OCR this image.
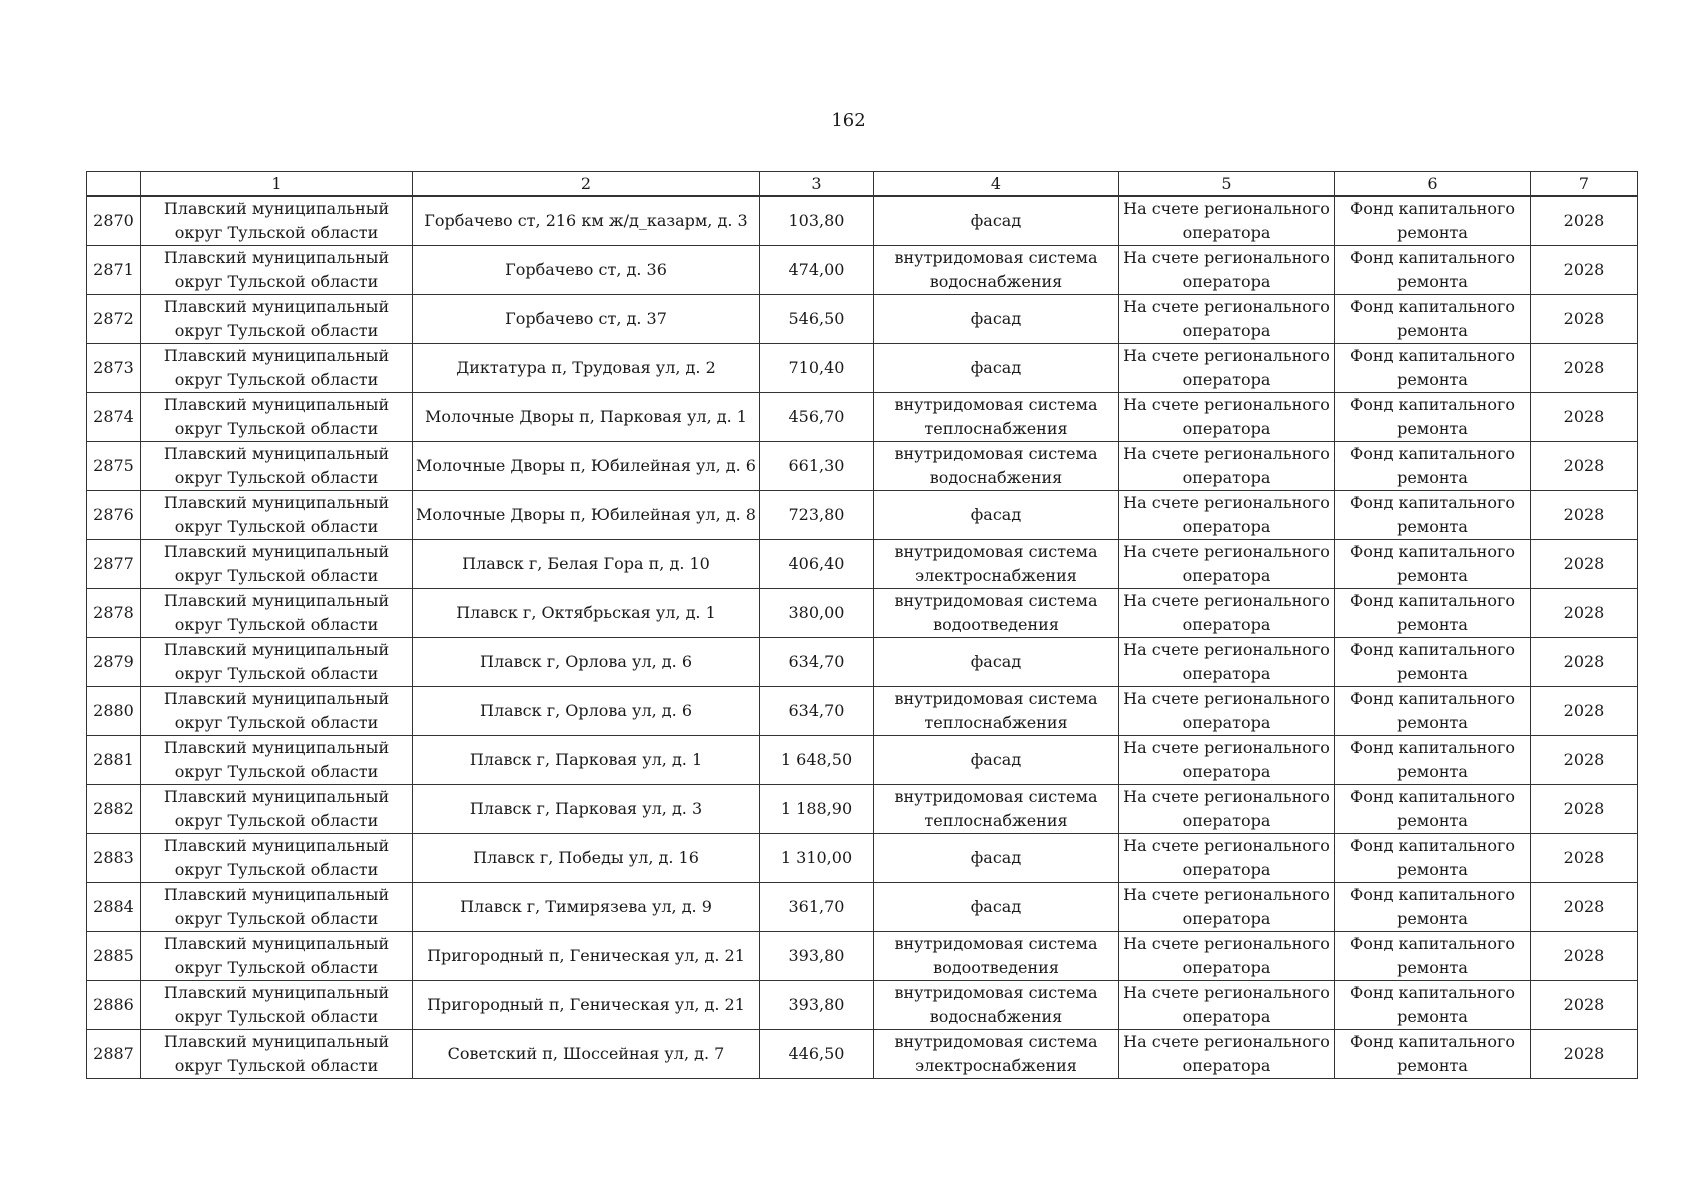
162
	1	2	3	4	5	6	7
2870	Плавский муниципальный
округ Тульской области	Горбачево ст, 216 км ж/д_казарм, д. 3	103,80	фасад	На счете регионального
оператора	Фонд капитального
ремонта	2028
2871	Плавский муниципальный
округ Тульской области	Горбачево ст, д. 36	474,00	внутридомовая система
водоснабжения	На счете регионального
оператора	Фонд капитального
ремонта	2028
2872	Плавский муниципальный
округ Тульской области	Горбачево ст, д. 37	546,50	фасад	На счете регионального
оператора	Фонд капитального
ремонта	2028
2873	Плавский муниципальный
округ Тульской области	Диктатура п, Трудовая ул, д. 2	710,40	фасад	На счете регионального
оператора	Фонд капитального
ремонта	2028
2874	Плавский муниципальный
округ Тульской области	Молочные Дворы п, Парковая ул, д. 1	456,70	внутридомовая система
теплоснабжения	На счете регионального
оператора	Фонд капитального
ремонта	2028
2875	Плавский муниципальный
округ Тульской области	Молочные Дворы п, Юбилейная ул, д. 6	661,30	внутридомовая система
водоснабжения	На счете регионального
оператора	Фонд капитального
ремонта	2028
2876	Плавский муниципальный
округ Тульской области	Молочные Дворы п, Юбилейная ул, д. 8	723,80	фасад	На счете регионального
оператора	Фонд капитального
ремонта	2028
2877	Плавский муниципальный
округ Тульской области	Плавск г, Белая Гора п, д. 10	406,40	внутридомовая система
электроснабжения	На счете регионального
оператора	Фонд капитального
ремонта	2028
2878	Плавский муниципальный
округ Тульской области	Плавск г, Октябрьская ул, д. 1	380,00	внутридомовая система
водоотведения	На счете регионального
оператора	Фонд капитального
ремонта	2028
2879	Плавский муниципальный
округ Тульской области	Плавск г, Орлова ул, д. 6	634,70	фасад	На счете регионального
оператора	Фонд капитального
ремонта	2028
2880	Плавский муниципальный
округ Тульской области	Плавск г, Орлова ул, д. 6	634,70	внутридомовая система
теплоснабжения	На счете регионального
оператора	Фонд капитального
ремонта	2028
2881	Плавский муниципальный
округ Тульской области	Плавск г, Парковая ул, д. 1	1 648,50	фасад	На счете регионального
оператора	Фонд капитального
ремонта	2028
2882	Плавский муниципальный
округ Тульской области	Плавск г, Парковая ул, д. 3	1 188,90	внутридомовая система
теплоснабжения	На счете регионального
оператора	Фонд капитального
ремонта	2028
2883	Плавский муниципальный
округ Тульской области	Плавск г, Победы ул, д. 16	1 310,00	фасад	На счете регионального
оператора	Фонд капитального
ремонта	2028
2884	Плавский муниципальный
округ Тульской области	Плавск г, Тимирязева ул, д. 9	361,70	фасад	На счете регионального
оператора	Фонд капитального
ремонта	2028
2885	Плавский муниципальный
округ Тульской области	Пригородный п, Геническая ул, д. 21	393,80	внутридомовая система
водоотведения	На счете регионального
оператора	Фонд капитального
ремонта	2028
2886	Плавский муниципальный
округ Тульской области	Пригородный п, Геническая ул, д. 21	393,80	внутридомовая система
водоснабжения	На счете регионального
оператора	Фонд капитального
ремонта	2028
2887	Плавский муниципальный
округ Тульской области	Советский п, Шоссейная ул, д. 7	446,50	внутридомовая система
электроснабжения	На счете регионального
оператора	Фонд капитального
ремонта	2028
